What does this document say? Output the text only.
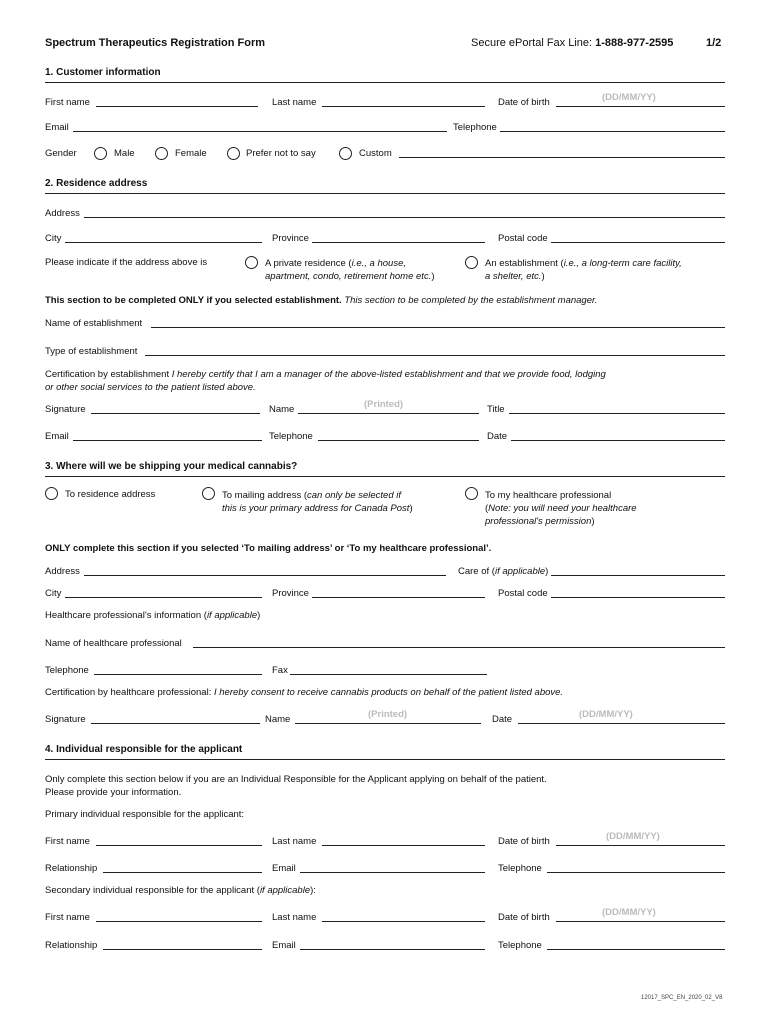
Spectrum Therapeutics Registration Form	Secure ePortal Fax Line: 1-888-977-2595	1/2
1. Customer information
First name	Last name	Date of birth	(DD/MM/YY)
Email	Telephone
Gender	Male	Female	Prefer not to say	Custom
2. Residence address
Address
City	Province	Postal code
Please indicate if the address above is	A private residence (i.e., a house,
apartment, condo, retirement home etc.)
An establishment (i.e., a long-term care facility,
a shelter, etc.)
This section to be completed ONLY if you selected establishment. This section to be completed by the establishment manager.
Name of establishment
Type of establishment
Certification by establishment I hereby certify that I am a manager of the above-listed establishment and that we provide food, lodging
or other social services to the patient listed above.
Signature	Name	(Printed)	Title
Email	Telephone	Date
3. Where will we be shipping your medical cannabis?
To residence address	To mailing address (can only be selected if
this is your primary address for Canada Post)
To my healthcare professional
(Note: you will need your healthcare
professional's permission)
ONLY complete this section if you selected ‘To mailing address’ or ‘To my healthcare professional’.
Address	Care of (if applicable)
City	Province	Postal code
Healthcare professional’s information (if applicable)
Name of healthcare professional
Telephone	Fax
Certification by healthcare professional: I hereby consent to receive cannabis products on behalf of the patient listed above.
Signature	Name	(Printed)	Date	(DD/MM/YY)
4. Individual responsible for the applicant
Only complete this section below if you are an Individual Responsible for the Applicant applying on behalf of the patient.
Please provide your information.
Primary individual responsible for the applicant:
First name	Last name	Date of birth	(DD/MM/YY)
Relationship	Email	Telephone
Secondary individual responsible for the applicant (if applicable):
First name	Last name	Date of birth	(DD/MM/YY)
Relationship	Email	Telephone
12017_SPC_EN_2020_02_V8
